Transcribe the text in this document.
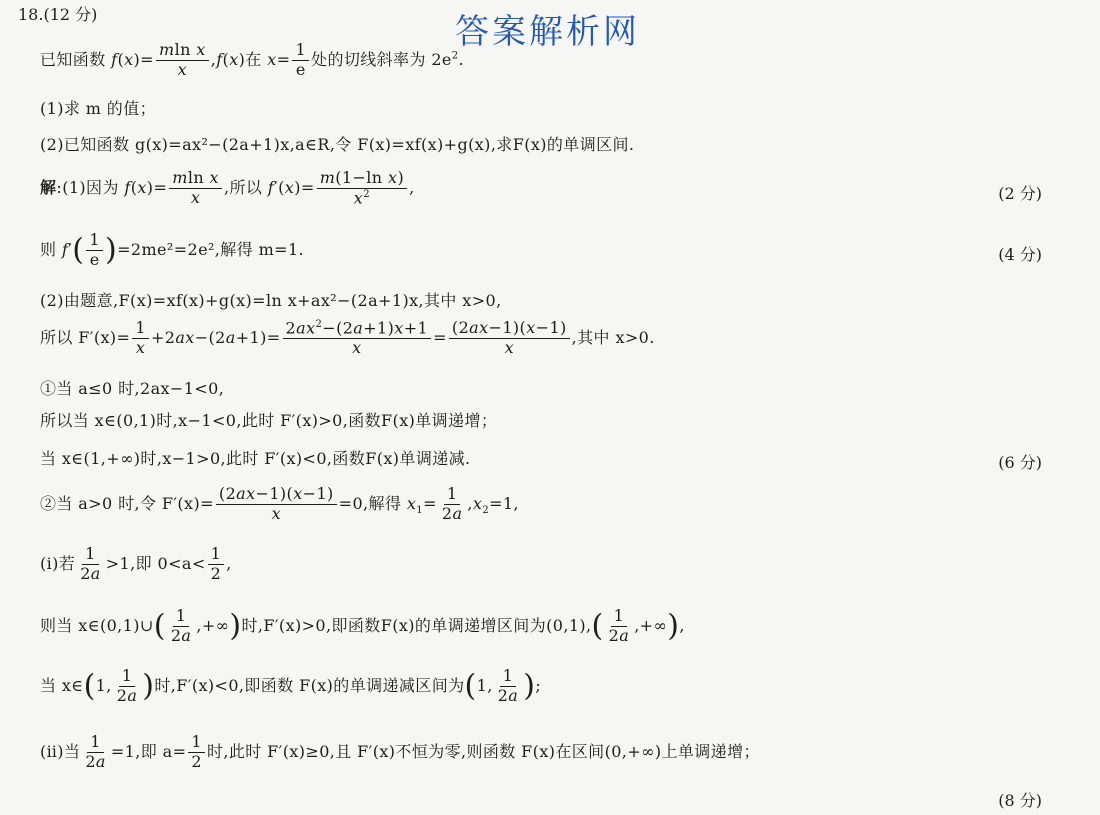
18.(12 分)	答案解析网
已知函数 $f(x)= \frac{\text{mln x}}{x} ,f(x)$在 $x= \frac{1}{e}$ 处的切线斜率为 $2e^2$.
(1)求 m 的值；
(2)已知函数 g(x)=ax²−(2a+1)x,a∈R,令 F(x)=xf(x)+g(x),求F(x)的单调区间.
解:(1)因为 $f(x)= \frac{\text{mln x}}{x}$ ,所以 $f'(x)= \frac{\text{m(1−ln x)}}{x^2}$ ,	(2 分)
则 $f'( \frac{1}{e} )=2me^2=2e^2$,解得 m=1.	(4 分)
(2)由题意,F(x)=xf(x)+g(x)=ln x+ax²−(2a+1)x,其中 x>0,
所以 $F'(x)= \frac{1}{x} +2ax-(2a+1)= \frac{2ax^2-(2a+1)x+1}{x} = \frac{(2ax-1)(x-1)}{x}$ ,其中 x>0.
①当 a≤0 时,2ax−1<0,
所以当 x∈(0,1)时,x−1<0,此时 F′(x)>0,函数F(x)单调递增；
当 x∈(1,+∞)时,x−1>0,此时 F′(x)<0,函数F(x)单调递减.	(6 分)
②当 a>0 时,令 $F'(x)= \frac{(2ax-1)(x-1)}{x} =0$,解得 $x_1= \frac{1}{2a} ,x_2=1$,
(ⅰ)若 $\frac{1}{2a} >1$,即 $0<a< \frac{1}{2}$ ,
则当 x∈(0,1)∪( $\frac{1}{2a}$ ,+∞)时,F′(x)>0,即函数F(x)的单调递增区间为$(0,1),( \frac{1}{2a}$ ,+∞),
当 x∈(1, $\frac{1}{2a}$ )时,F′(x)<0,即函数 F(x)的单调递减区间为(1, $\frac{1}{2a}$ );
(ⅱ)当 $\frac{1}{2a} =1$,即 $a= \frac{1}{2}$ 时,此时 F′(x)≥0,且 F′(x)不恒为零,则函数 F(x)在区间(0,+∞)上单调递增；
(8 分)
